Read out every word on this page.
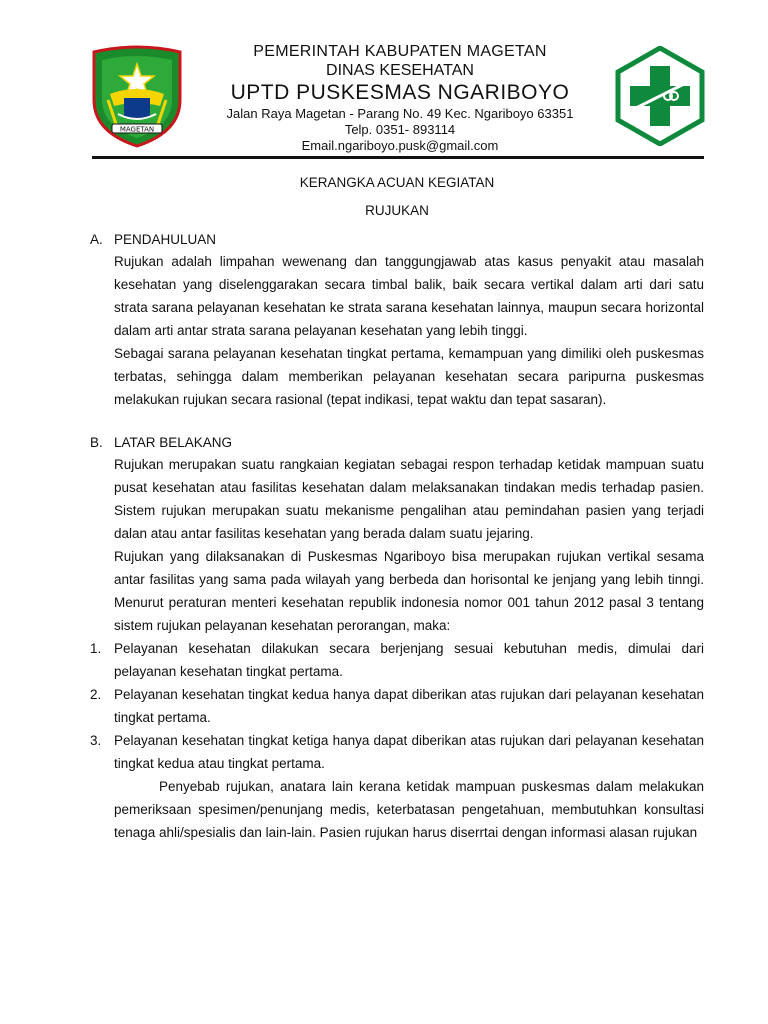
MAGETAN
PEMERINTAH KABUPATEN MAGETAN
DINAS KESEHATAN
UPTD PUSKESMAS NGARIBOYO
Jalan Raya Magetan - Parang No. 49 Kec. Ngariboyo 63351
Telp. 0351- 893114
Email.ngariboyo.pusk@gmail.com
KERANGKA ACUAN KEGIATAN
RUJUKAN
A. PENDAHULUAN
Rujukan adalah limpahan wewenang dan tanggungjawab atas kasus penyakit atau masalah kesehatan yang diselenggarakan secara timbal balik, baik secara vertikal dalam arti dari satu strata sarana pelayanan kesehatan ke strata sarana kesehatan lainnya, maupun secara horizontal dalam arti antar strata sarana pelayanan kesehatan yang lebih tinggi.
Sebagai sarana pelayanan kesehatan tingkat pertama, kemampuan yang dimiliki oleh puskesmas terbatas, sehingga dalam memberikan pelayanan kesehatan secara paripurna puskesmas melakukan rujukan secara rasional (tepat indikasi, tepat waktu dan tepat sasaran).
B. LATAR BELAKANG
Rujukan merupakan suatu rangkaian kegiatan sebagai respon terhadap ketidak mampuan suatu pusat kesehatan atau fasilitas kesehatan dalam melaksanakan tindakan medis terhadap pasien. Sistem rujukan merupakan suatu mekanisme pengalihan atau pemindahan pasien yang terjadi dalan atau antar fasilitas kesehatan yang berada dalam suatu jejaring.
Rujukan yang dilaksanakan di Puskesmas Ngariboyo bisa merupakan rujukan vertikal sesama antar fasilitas yang sama pada wilayah yang berbeda dan horisontal ke jenjang yang lebih tinngi. Menurut peraturan menteri kesehatan republik indonesia nomor 001 tahun 2012 pasal 3 tentang sistem rujukan pelayanan kesehatan perorangan, maka:
1. Pelayanan kesehatan dilakukan secara berjenjang sesuai kebutuhan medis, dimulai dari pelayanan kesehatan tingkat pertama.
2. Pelayanan kesehatan tingkat kedua hanya dapat diberikan atas rujukan dari pelayanan kesehatan tingkat pertama.
3. Pelayanan kesehatan tingkat ketiga hanya dapat diberikan atas rujukan dari pelayanan kesehatan tingkat kedua atau tingkat pertama.
Penyebab rujukan, anatara lain kerana ketidak mampuan puskesmas dalam melakukan pemeriksaan spesimen/penunjang medis, keterbatasan pengetahuan, membutuhkan konsultasi tenaga ahli/spesialis dan lain-lain. Pasien rujukan harus diserrtai dengan informasi alasan rujukan
